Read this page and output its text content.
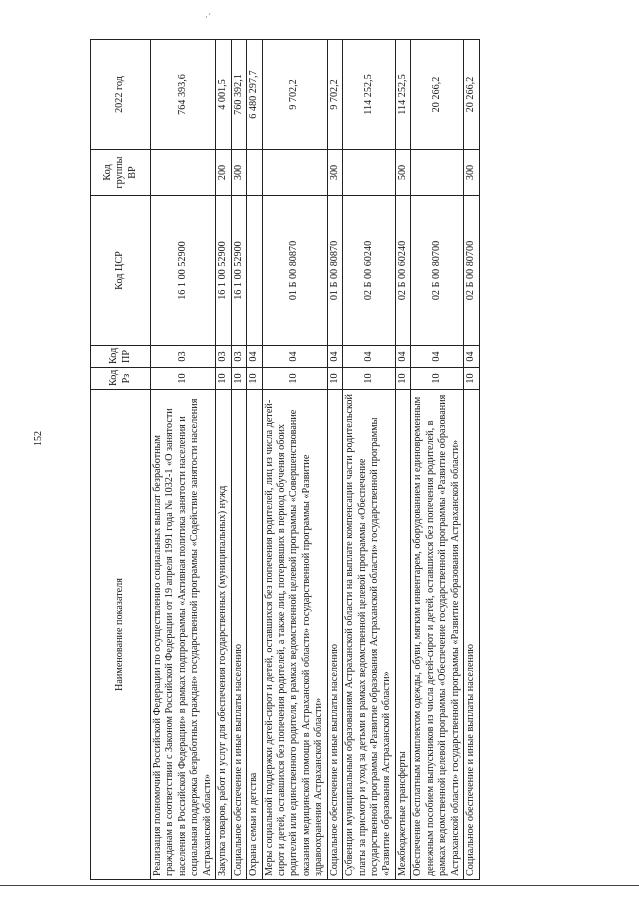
·´
152
Наименование показателя	Код Рз	Код ПР	Код ЦСР	Код группы ВР	2022 год
Реализация полномочий Российской Федерации по осуществлению социальных выплат безработным гражданам в соответствии с Законом Российской Федерации от 19 апреля 1991 года № 1032-1 «О занятости населения в Российской Федерации» в рамках подпрограммы «Активная политика занятости населения и социальная поддержка безработных граждан» государственной программы «Содействие занятости населения Астраханской области»	10	03	16 1 00 52900		764 393,6
Закупка товаров, работ и услуг для обеспечения государственных (муниципальных) нужд	10	03	16 1 00 52900	200	4 001,5
Социальное обеспечение и иные выплаты населению	10	03	16 1 00 52900	300	760 392,1
Охрана семьи и детства	10	04			6 480 297,7
Меры социальной поддержки детей-сирот и детей, оставшихся без попечения родителей, лиц из числа детей-сирот и детей, оставшихся без попечения родителей, а также лиц, потерявших в период обучения обоих родителей или единственного родителя, в рамках ведомственной целевой программы «Совершенствование оказания медицинской помощи в Астраханской области» государственной программы «Развитие здравоохранения Астраханской области»	10	04	01 Б 00 80870		9 702,2
Социальное обеспечение и иные выплаты населению	10	04	01 Б 00 80870	300	9 702,2
Субвенции муниципальным образованиям Астраханской области на выплате компенсации части родительской платы за присмотр и уход за детьми в рамках ведомственной целевой программы «Обеспечение государственной программы «Развитие образования Астраханской области» государственной программы «Развитие образования Астраханской области»	10	04	02 Б 00 60240		114 252,5
Межбюджетные трансферты	10	04	02 Б 00 60240	500	114 252,5
Обеспечение бесплатным комплектом одежды, обуви, мягким инвентарем, оборудованием и единовременным денежным пособием выпускников из числа детей-сирот и детей, оставшихся без попечения родителей, в рамках ведомственной целевой программы «Обеспечение государственной программы «Развитие образования Астраханской области» государственной программы «Развитие образования Астраханской области»	10	04	02 Б 00 80700		20 266,2
Социальное обеспечение и иные выплаты населению	10	04	02 Б 00 80700	300	20 266,2
